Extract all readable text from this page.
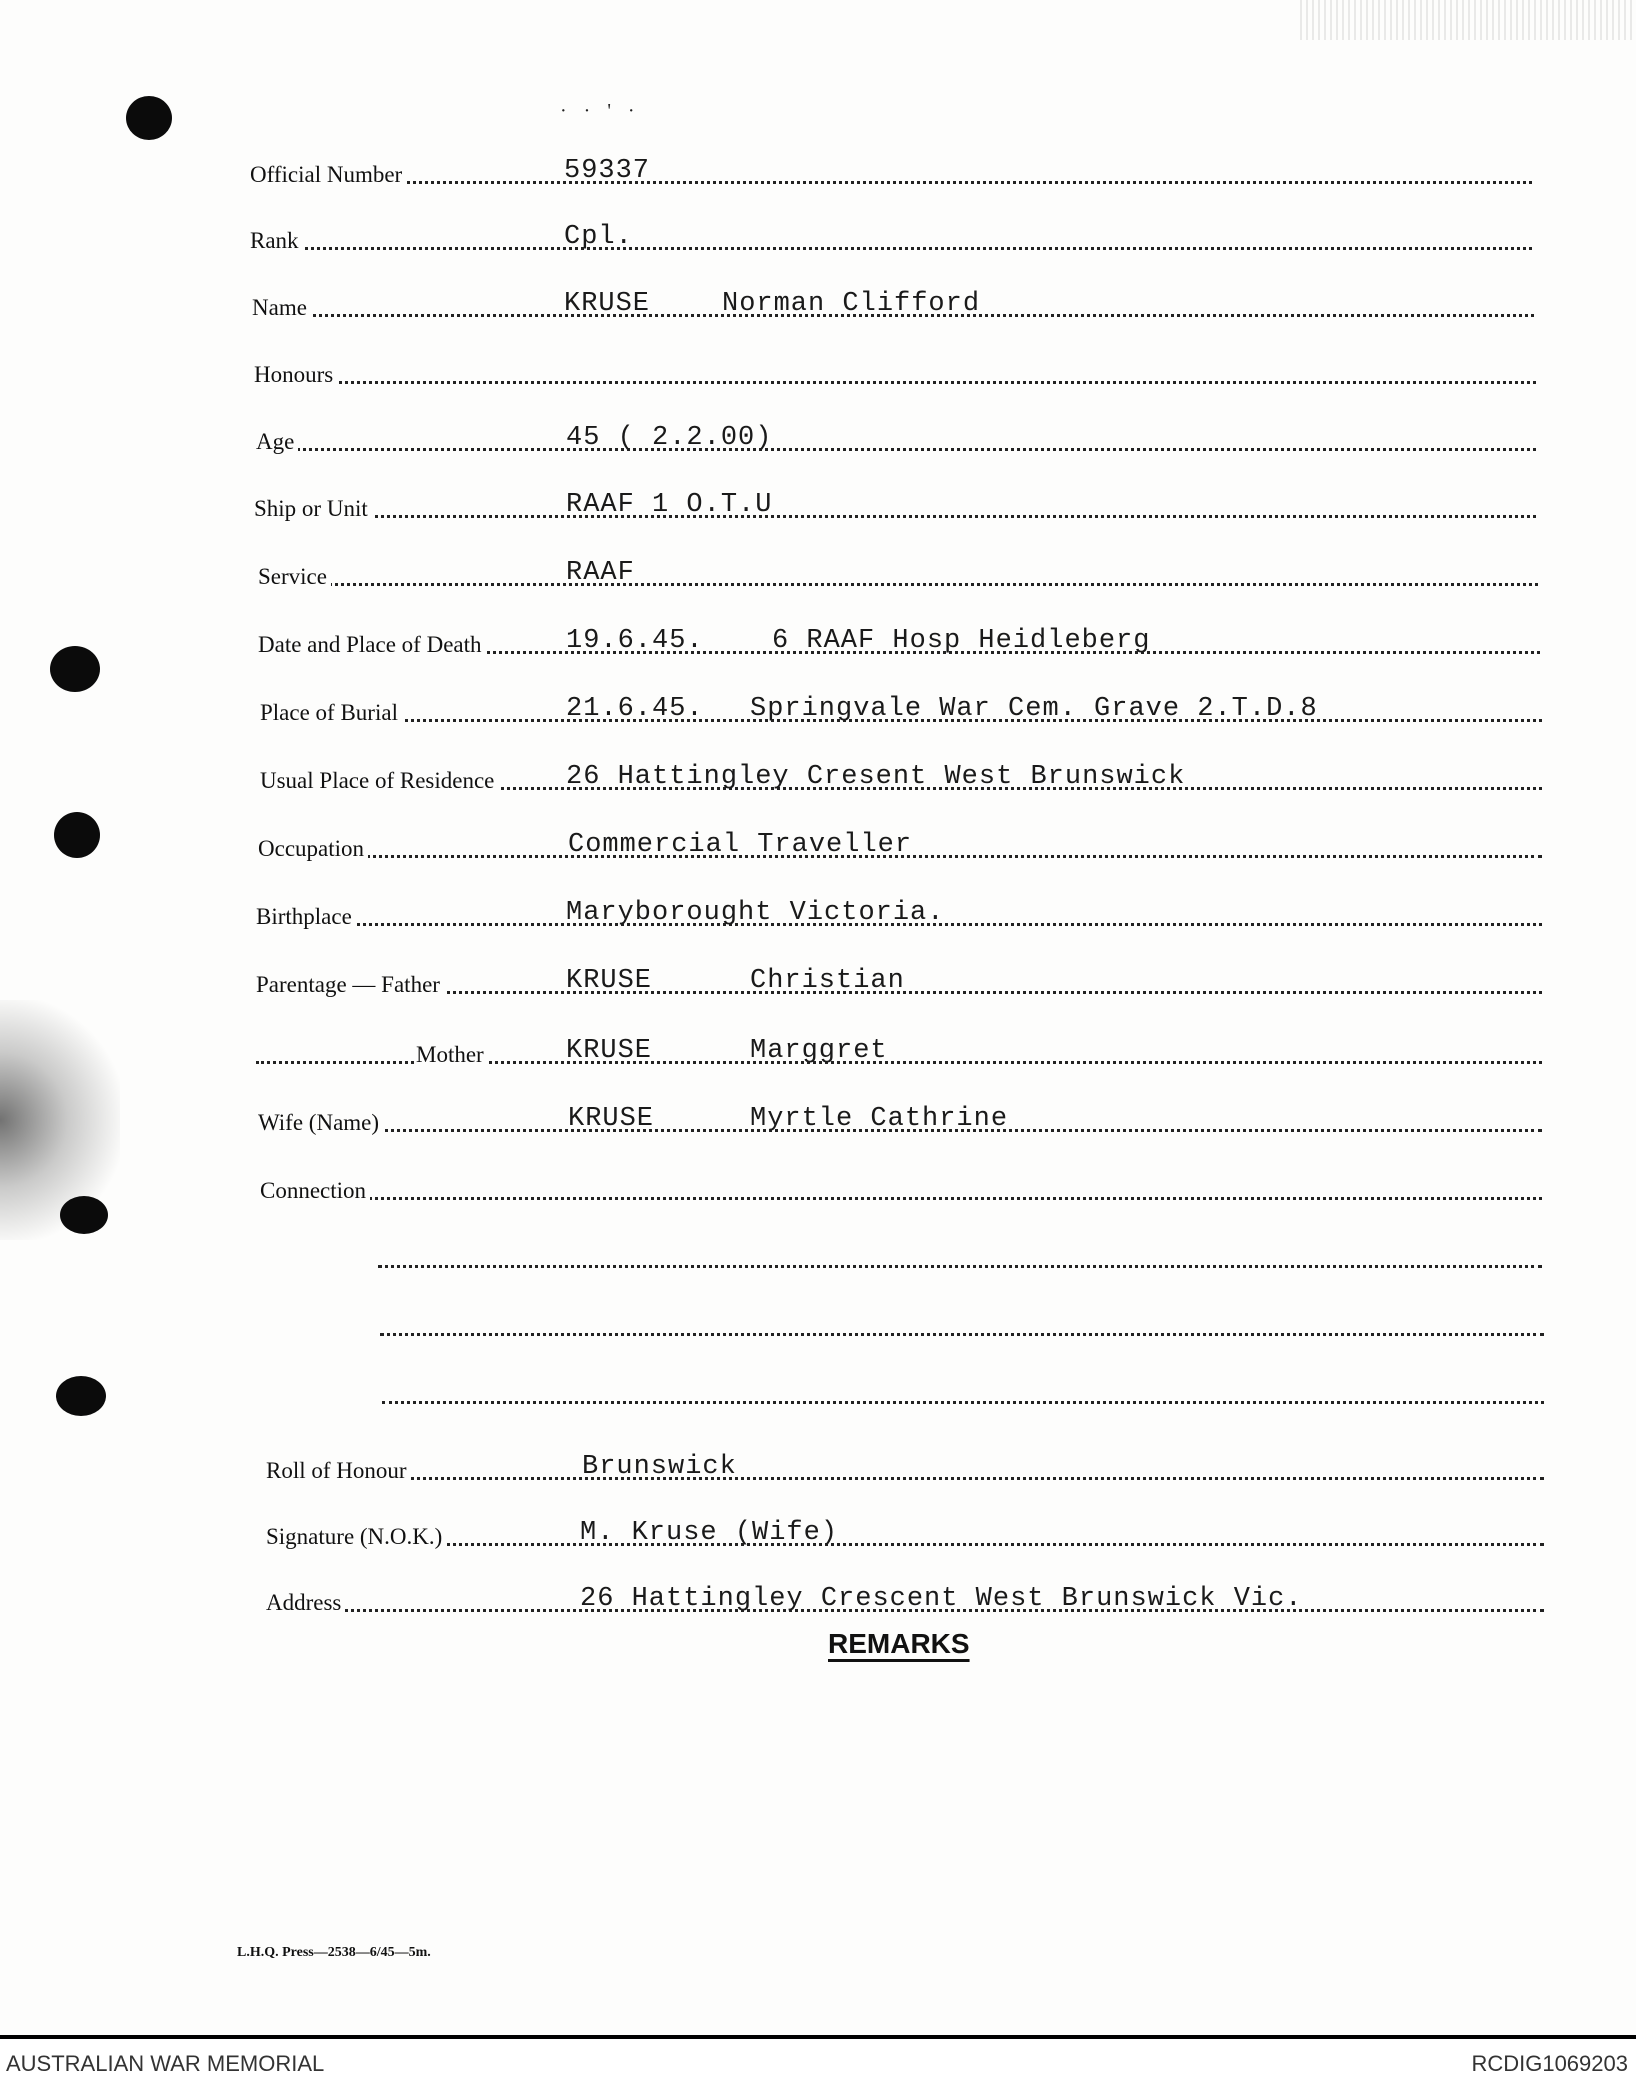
· · ' ·
Official Number	59337
Rank	Cpl.
Name	KRUSE	Norman Clifford
Honours
Age	45 ( 2.2.00)
Ship or Unit	RAAF 1 O.T.U
Service	RAAF
Date and Place of Death	19.6.45.	6 RAAF Hosp Heidleberg
Place of Burial	21.6.45. Springvale War Cem. Grave 2.T.D.8
Usual Place of Residence	26 Hattingley Cresent West Brunswick
Occupation	Commercial Traveller
Birthplace	Maryborought Victoria.
Parentage — Father	KRUSE	Christian
Mother	KRUSE	Marggret
Wife (Name)	KRUSE	Myrtle Cathrine
Connection
Roll of Honour	Brunswick
Signature (N.O.K.)	M. Kruse (Wife)
Address	26 Hattingley Crescent West Brunswick Vic.
REMARKS
L.H.Q. Press—2538—6/45—5m.
AUSTRALIAN WAR MEMORIAL	RCDIG1069203
